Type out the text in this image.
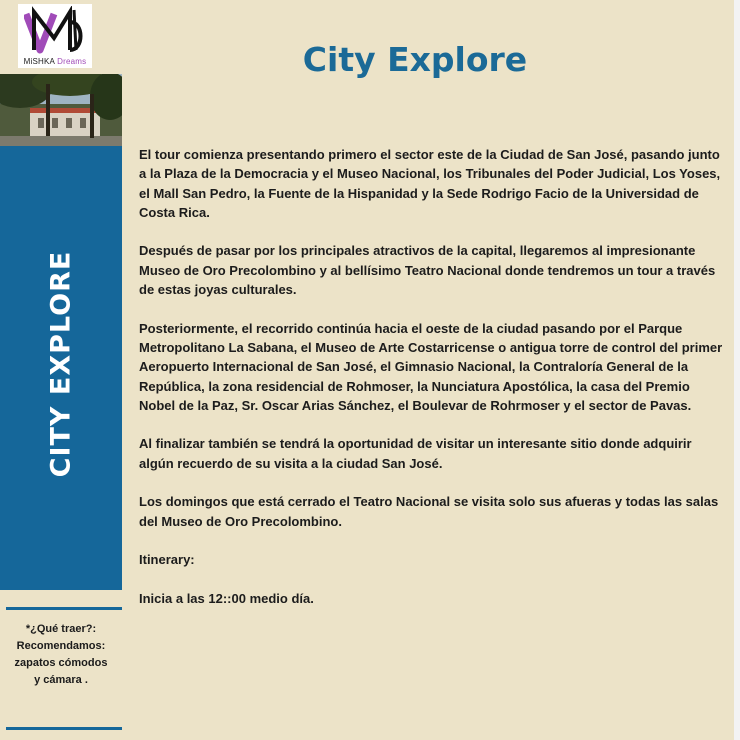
MiSHKA Dreams
CITY EXPLORE
*¿Qué traer?:
Recomendamos:
zapatos cómodos
y cámara .
City Explore

El tour comienza presentando primero el sector este de la Ciudad de San José, pasando junto a la Plaza de la Democracia y el Museo Nacional, los Tribunales del Poder Judicial, Los Yoses, el Mall San Pedro, la Fuente de la Hispanidad y la Sede Rodrigo Facio de la Universidad de Costa Rica.

Después de pasar por los principales atractivos de la capital, llegaremos al impresionante Museo de Oro Precolombino y al bellísimo Teatro Nacional donde tendremos un tour a través de estas joyas culturales.

Posteriormente, el recorrido continúa hacia el oeste de la ciudad pasando por el Parque Metropolitano La Sabana, el Museo de Arte Costarricense o antigua torre de control del primer Aeropuerto Internacional de San José, el Gimnasio Nacional, la Contraloría General de la República, la zona residencial de Rohmoser, la Nunciatura Apostólica, la casa del Premio Nobel de la Paz, Sr. Oscar Arias Sánchez, el Boulevar de Rohrmoser y el sector de Pavas.

Al finalizar también se tendrá la oportunidad de visitar un interesante sitio donde adquirir algún recuerdo de su visita a la ciudad San José.

Los domingos que está cerrado el Teatro Nacional se visita solo sus afueras y todas las salas del Museo de Oro Precolombino.

Itinerary:

Inicia a las 12::00 medio día.
